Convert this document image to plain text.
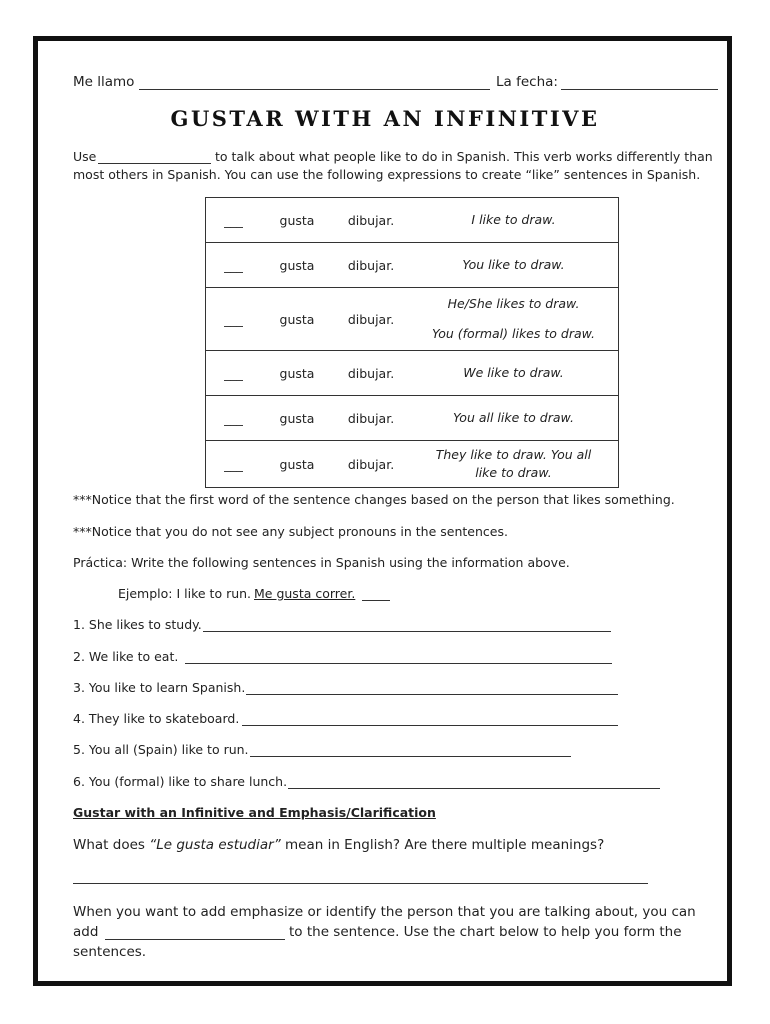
Me llamo	La fecha:
GUSTAR WITH AN INFINITIVE
Use	to talk about what people like to do in Spanish. This verb works differently than
most others in Spanish. You can use the following expressions to create “like” sentences in Spanish.
___	gusta	dibujar.	I like to draw.
___	gusta	dibujar.	You like to draw.
___	gusta	dibujar.	He/She likes to draw.
You (formal) likes to draw.
___	gusta	dibujar.	We like to draw.
___	gusta	dibujar.	You all like to draw.
___	gusta	dibujar.	They like to draw. You all
like to draw.
***Notice that the first word of the sentence changes based on the person that likes something.
***Notice that you do not see any subject pronouns in the sentences.
Práctica: Write the following sentences in Spanish using the information above.
Ejemplo: I like to run. Me gusta correr.
1. She likes to study.
2. We like to eat.
3. You like to learn Spanish.
4. They like to skateboard.
5. You all (Spain) like to run.
6. You (formal) like to share lunch.
Gustar with an Infinitive and Emphasis/Clarification
What does “Le gusta estudiar” mean in English? Are there multiple meanings?
When you want to add emphasize or identify the person that you are talking about, you can
add	to the sentence. Use the chart below to help you form the
sentences.
